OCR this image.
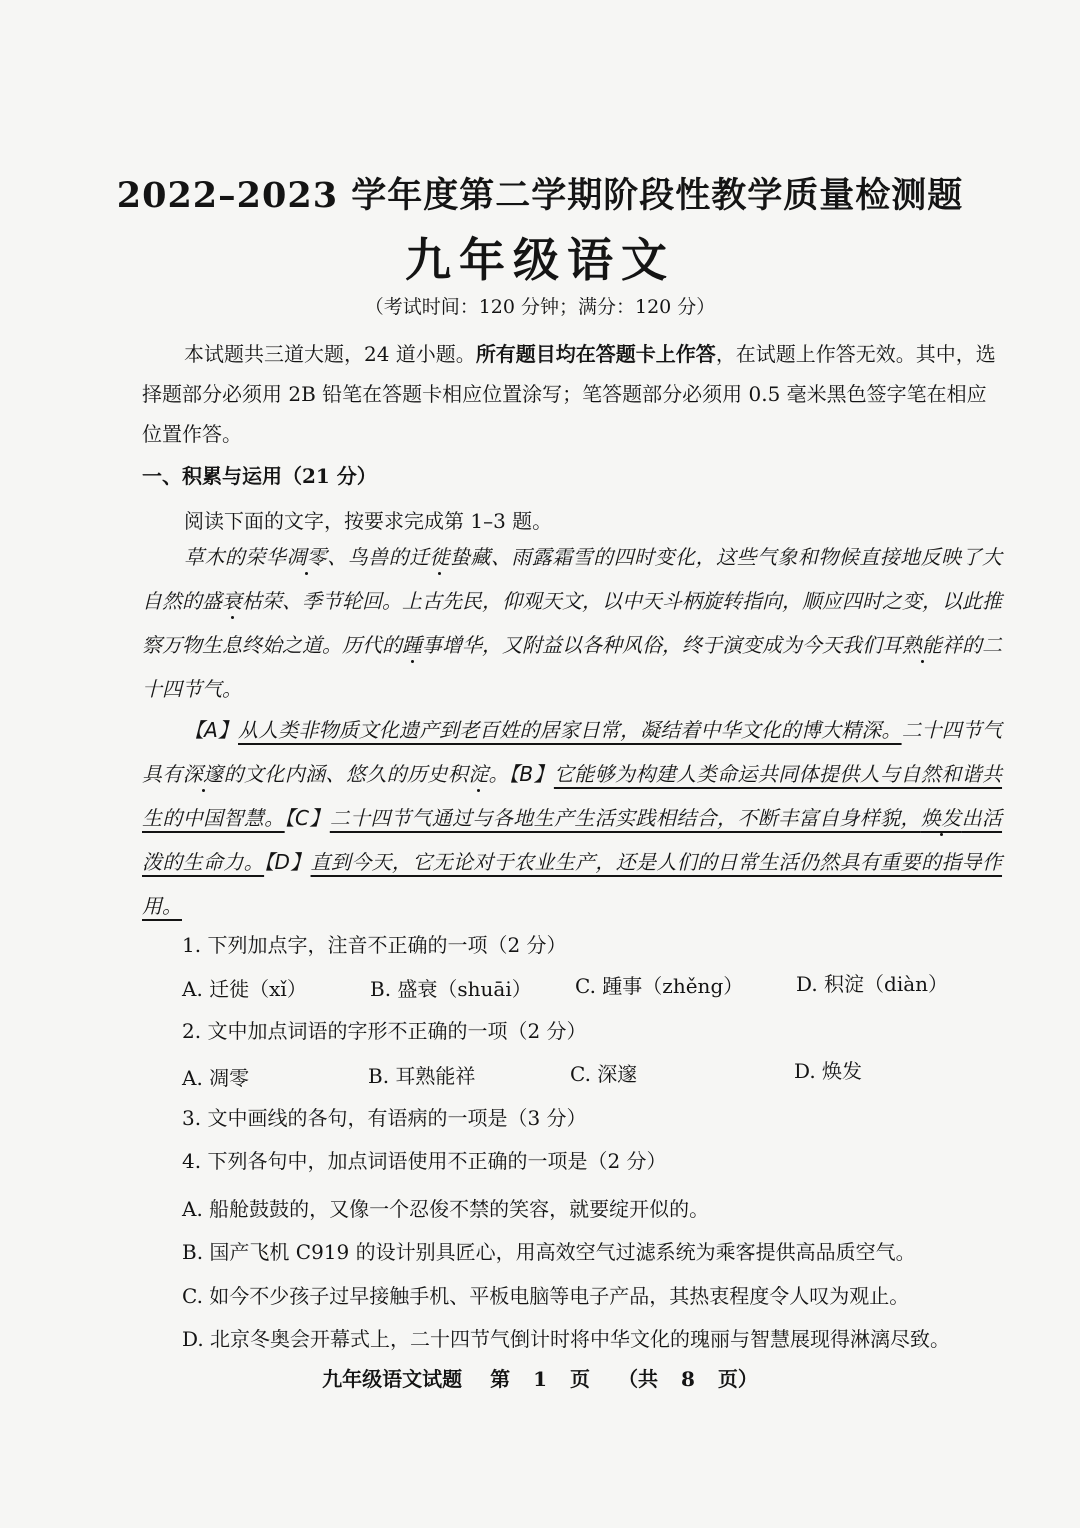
2022–2023 学年度第二学期阶段性教学质量检测题
九年级语文
（考试时间：120 分钟；满分：120 分）
本试题共三道大题，24 道小题。所有题目均在答题卡上作答，在试题上作答无效。其中，选择题部分必须用 2B 铅笔在答题卡相应位置涂写；笔答题部分必须用 0.5 毫米黑色签字笔在相应位置作答。
一、积累与运用（21 分）
阅读下面的文字，按要求完成第 1–3 题。
草木的荣华凋零、鸟兽的迁徙蛰藏、雨露霜雪的四时变化，这些气象和物候直接地反映了大自然的盛衰枯荣、季节轮回。上古先民，仰观天文，以中天斗柄旋转指向，顺应四时之变，以此推察万物生息终始之道。历代的踵事增华，又附益以各种风俗，终于演变成为今天我们耳熟能祥的二十四节气。
【A】从人类非物质文化遗产到老百姓的居家日常，凝结着中华文化的博大精深。二十四节气具有深邃的文化内涵、悠久的历史积淀。【B】它能够为构建人类命运共同体提供人与自然和谐共生的中国智慧。【C】二十四节气通过与各地生产生活实践相结合，不断丰富自身样貌，焕发出活泼的生命力。【D】直到今天，它无论对于农业生产，还是人们的日常生活仍然具有重要的指导作用。
1. 下列加点字，注音不正确的一项（2 分）
A. 迁徙（xǐ）	B. 盛衰（shuāi） C. 踵事（zhěng）	D. 积淀（diàn）
2. 文中加点词语的字形不正确的一项（2 分）
A. 凋零	B. 耳熟能祥	C. 深邃	D. 焕发
3. 文中画线的各句，有语病的一项是（3 分）
4. 下列各句中，加点词语使用不正确的一项是（2 分）
A. 船舱鼓鼓的，又像一个忍俊不禁的笑容，就要绽开似的。
B. 国产飞机 C919 的设计别具匠心，用高效空气过滤系统为乘客提供高品质空气。
C. 如今不少孩子过早接触手机、平板电脑等电子产品，其热衷程度令人叹为观止。
D. 北京冬奥会开幕式上，二十四节气倒计时将中华文化的瑰丽与智慧展现得淋漓尽致。
九年级语文试题 第 1 页 （共 8 页）
